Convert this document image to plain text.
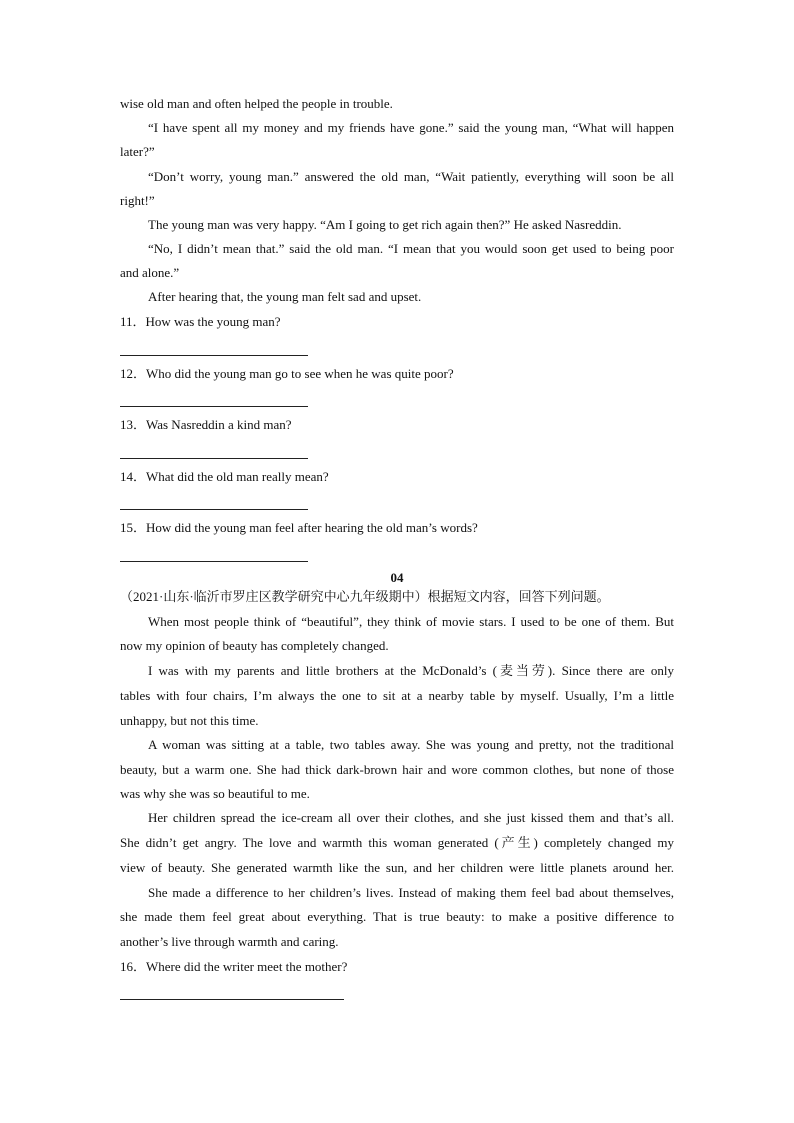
wise old man and often helped the people in trouble.
“I have spent all my money and my friends have gone.” said the young man, “What will happen
later?”
“Don’t worry, young man.” answered the old man, “Wait patiently, everything will soon be all
right!”
The young man was very happy. “Am I going to get rich again then?” He asked Nasreddin.
“No, I didn’t mean that.” said the old man. “I mean that you would soon get used to being poor
and alone.”
After hearing that, the young man felt sad and upset.
11．How was the young man?
12．Who did the young man go to see when he was quite poor?
13．Was Nasreddin a kind man?
14．What did the old man really mean?
15．How did the young man feel after hearing the old man’s words?
04
（2021·山东·临沂市罗庄区教学研究中心九年级期中）根据短文内容，回答下列问题。
When most people think of “beautiful”, they think of movie stars. I used to be one of them. But
now my opinion of beauty has completely changed.
I was with my parents and little brothers at the McDonald’s (麦当劳). Since there are only
tables with four chairs, I’m always the one to sit at a nearby table by myself. Usually, I’m a little
unhappy, but not this time.
A woman was sitting at a table, two tables away. She was young and pretty, not the traditional
beauty, but a warm one. She had thick dark-brown hair and wore common clothes, but none of those
was why she was so beautiful to me.
Her children spread the ice-cream all over their clothes, and she just kissed them and that’s all.
She didn’t get angry. The love and warmth this woman generated (产生) completely changed my
view of beauty. She generated warmth like the sun, and her children were little planets around her.
She made a difference to her children’s lives. Instead of making them feel bad about themselves,
she made them feel great about everything. That is true beauty: to make a positive difference to
another’s live through warmth and caring.
16．Where did the writer meet the mother?
